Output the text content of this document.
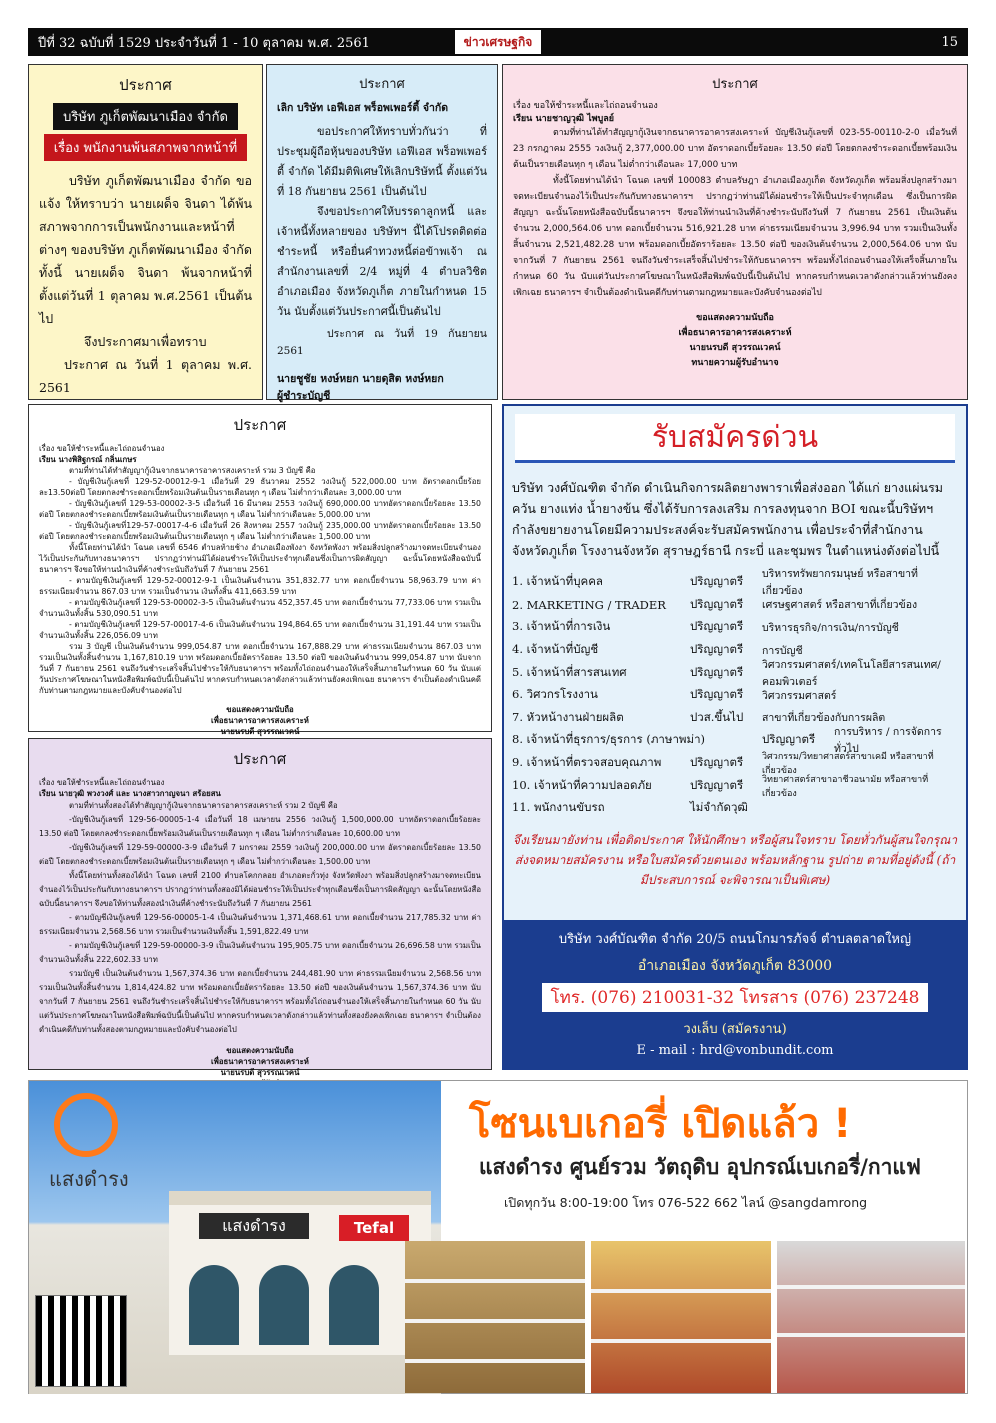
ปีที่ 32 ฉบับที่ 1529 ประจำวันที่ 1 - 10 ตุลาคม พ.ศ. 2561	15
ข่าวเศรษฐกิจ
ประกาศ
บริษัท ภูเก็ตพัฒนาเมือง จำกัด
เรื่อง พนักงานพ้นสภาพจากหน้าที่

บริษัท ภูเก็ตพัฒนาเมือง จำกัด ขอแจ้ง ให้ทราบว่า นายเผด็จ จินดา ได้พ้นสภาพจากการเป็นพนักงานและหน้าที่ต่างๆ ของบริษัท ภูเก็ตพัฒนาเมือง จำกัด ทั้งนี้ นายเผด็จ จินดา พ้นจากหน้าที่ตั้งแต่วันที่ 1 ตุลาคม พ.ศ.2561 เป็นต้นไป

จึงประกาศมาเพื่อทราบ

ประกาศ ณ วันที่ 1 ตุลาคม พ.ศ. 2561

ประกาศ
เลิก บริษัท เอฟีเอส พร็อพเพอร์ตี้ จำกัด

ขอประกาศให้ทราบทั่วกันว่า ที่ประชุมผู้ถือหุ้นของบริษัท เอฟีเอส พร็อพเพอร์ตี้ จำกัด ได้มีมติพิเศษให้เลิกบริษัทนี้ ตั้งแต่วันที่ 18 กันยายน 2561 เป็นต้นไป

จึงขอประกาศให้บรรดาลูกหนี้ และเจ้าหนี้ทั้งหลายของ บริษัทฯ นี้ได้โปรดติดต่อชำระหนี้ หรือยื่นคำทวงหนี้ต่อข้าพเจ้า ณ สำนักงานเลขที่ 2/4 หมู่ที่ 4 ตำบลวิชิต อำเภอเมือง จังหวัดภูเก็ต ภายในกำหนด 15 วัน นับตั้งแต่วันประกาศนี้เป็นต้นไป

ประกาศ ณ วันที่ 19 กันยายน 2561

นายชูชัย หงษ์หยก นายดุสิต หงษ์หยก

ผู้ชำระบัญชี

ประกาศ

เรื่อง ขอให้ชำระหนี้และไถ่ถอนจำนอง

เรียน นายชาญวุฒิ ไพบูลย์

ตามที่ท่านได้ทำสัญญากู้เงินจากธนาคารอาคารสงเคราะห์ บัญชีเงินกู้เลขที่ 023-55-00110-2-0 เมื่อวันที่ 23 กรกฎาคม 2555 วงเงินกู้ 2,377,000.00 บาท อัตราดอกเบี้ยร้อยละ 13.50 ต่อปี โดยตกลงชำระดอกเบี้ยพร้อมเงินต้นเป็นรายเดือนทุก ๆ เดือน ไม่ต่ำกว่าเดือนละ 17,000 บาท

ทั้งนี้โดยท่านได้นำ โฉนด เลขที่ 100083 ตำบลรัษฎา อำเภอเมืองภูเก็ต จังหวัดภูเก็ต พร้อมสิ่งปลูกสร้างมาจดทะเบียนจำนองไว้เป็นประกันกับทางธนาคารฯ ปรากฏว่าท่านมิได้ผ่อนชำระให้เป็นประจำทุกเดือน ซึ่งเป็นการผิดสัญญา ฉะนั้นโดยหนังสือฉบับนี้ธนาคารฯ จึงขอให้ท่านนำเงินที่ค้างชำระนับถึงวันที่ 7 กันยายน 2561 เป็นเงินต้นจำนวน 2,000,564.06 บาท ดอกเบี้ยจำนวน 516,921.28 บาท ค่าธรรมเนียมจำนวน 3,996.94 บาท รวมเป็นเงินทั้งสิ้นจำนวน 2,521,482.28 บาท พร้อมดอกเบี้ยอัตราร้อยละ 13.50 ต่อปี ของเงินต้นจำนวน 2,000,564.06 บาท นับจากวันที่ 7 กันยายน 2561 จนถึงวันชำระเสร็จสิ้นไปชำระให้กับธนาคารฯ พร้อมทั้งไถ่ถอนจำนองให้เสร็จสิ้นภายในกำหนด 60 วัน นับแต่วันประกาศโฆษณาในหนังสือพิมพ์ฉบับนี้เป็นต้นไป หากครบกำหนดเวลาดังกล่าวแล้วท่านยังคงเพิกเฉย ธนาคารฯ จำเป็นต้องดำเนินคดีกับท่านตามกฎหมายและบังคับจำนองต่อไป

ขอแสดงความนับถือ
เพื่อธนาคารอาคารสงเคราะห์
นายนรบดี สุวรรณเวคน์
ทนายความผู้รับอำนาจ
ประกาศ

เรื่อง ขอให้ชำระหนี้และไถ่ถอนจำนอง

เรียน นางพิสิฐกรณ์ กลิ่นเกษร

ตามที่ท่านได้ทำสัญญากู้เงินจากธนาคารอาคารสงเคราะห์ รวม 3 บัญชี คือ

- บัญชีเงินกู้เลขที่ 129-52-00012-9-1 เมื่อวันที่ 29 ธันวาคม 2552 วงเงินกู้ 522,000.00 บาท อัตราดอกเบี้ยร้อยละ13.50ต่อปี โดยตกลงชำระดอกเบี้ยพร้อมเงินต้นเป็นรายเดือนทุก ๆ เดือน ไม่ต่ำกว่าเดือนละ 3,000.00 บาท

- บัญชีเงินกู้เลขที่ 129-53-00002-3-5 เมื่อวันที่ 16 มีนาคม 2553 วงเงินกู้ 690,000.00 บาทอัตราดอกเบี้ยร้อยละ 13.50 ต่อปี โดยตกลงชำระดอกเบี้ยพร้อมเงินต้นเป็นรายเดือนทุก ๆ เดือน ไม่ต่ำกว่าเดือนละ 5,000.00 บาท

- บัญชีเงินกู้เลขที่129-57-00017-4-6 เมื่อวันที่ 26 สิงหาคม 2557 วงเงินกู้ 235,000.00 บาทอัตราดอกเบี้ยร้อยละ 13.50 ต่อปี โดยตกลงชำระดอกเบี้ยพร้อมเงินต้นเป็นรายเดือนทุก ๆ เดือน ไม่ต่ำกว่าเดือนละ 1,500.00 บาท

ทั้งนี้โดยท่านได้นำ โฉนด เลขที่ 6546 ตำบลท้ายช้าง อำเภอเมืองพังงา จังหวัดพังงา พร้อมสิ่งปลูกสร้างมาจดทะเบียนจำนองไว้เป็นประกันกับทางธนาคารฯ ปรากฏว่าท่านมิได้ผ่อนชำระให้เป็นประจำทุกเดือนซึ่งเป็นการผิดสัญญา ฉะนั้นโดยหนังสือฉบับนี้ธนาคารฯ จึงขอให้ท่านนำเงินที่ค้างชำระนับถึงวันที่ 7 กันยายน 2561

- ตามบัญชีเงินกู้เลขที่ 129-52-00012-9-1 เป็นเงินต้นจำนวน 351,832.77 บาท ดอกเบี้ยจำนวน 58,963.79 บาท ค่าธรรมเนียมจำนวน 867.03 บาท รวมเป็นจำนวน เงินทั้งสิ้น 411,663.59 บาท

- ตามบัญชีเงินกู้เลขที่ 129-53-00002-3-5 เป็นเงินต้นจำนวน 452,357.45 บาท ดอกเบี้ยจำนวน 77,733.06 บาท รวมเป็นจำนวนเงินทั้งสิ้น 530,090.51 บาท

- ตามบัญชีเงินกู้เลขที่ 129-57-00017-4-6 เป็นเงินต้นจำนวน 194,864.65 บาท ดอกเบี้ยจำนวน 31,191.44 บาท รวมเป็นจำนวนเงินทั้งสิ้น 226,056.09 บาท

รวม 3 บัญชี เป็นเงินต้นจำนวน 999,054.87 บาท ดอกเบี้ยจำนวน 167,888.29 บาท ค่าธรรมเนียมจำนวน 867.03 บาท รวมเป็นเงินทั้งสิ้นจำนวน 1,167,810.19 บาท พร้อมดอกเบี้ยอัตราร้อยละ 13.50 ต่อปี ของเงินต้นจำนวน 999,054.87 บาท นับจากวันที่ 7 กันยายน 2561 จนถึงวันชำระเสร็จสิ้นไปชำระให้กับธนาคารฯ พร้อมทั้งไถ่ถอนจำนองให้เสร็จสิ้นภายในกำหนด 60 วัน นับแต่วันประกาศโฆษณาในหนังสือพิมพ์ฉบับนี้เป็นต้นไป หากครบกำหนดเวลาดังกล่าวแล้วท่านยังคงเพิกเฉย ธนาคารฯ จำเป็นต้องดำเนินคดีกับท่านตามกฎหมายและบังคับจำนองต่อไป

ขอแสดงความนับถือ
เพื่อธนาคารอาคารสงเคราะห์
นายนรบดี สุวรรณเวคน์
ประกาศ

เรื่อง ขอให้ชำระหนี้และไถ่ถอนจำนอง

เรียน นายวุฒิ พวงวงศ์ และ นางสาวกาญจนา สร้อยสน

ตามที่ท่านทั้งสองได้ทำสัญญากู้เงินจากธนาคารอาคารสงเคราะห์ รวม 2 บัญชี คือ

-บัญชีเงินกู้เลขที่ 129-56-00005-1-4 เมื่อวันที่ 18 เมษายน 2556 วงเงินกู้ 1,500,000.00 บาทอัตราดอกเบี้ยร้อยละ 13.50 ต่อปี โดยตกลงชำระดอกเบี้ยพร้อมเงินต้นเป็นรายเดือนทุก ๆ เดือน ไม่ต่ำกว่าเดือนละ 10,600.00 บาท

-บัญชีเงินกู้เลขที่ 129-59-00000-3-9 เมื่อวันที่ 7 มกราคม 2559 วงเงินกู้ 200,000.00 บาท อัตราดอกเบี้ยร้อยละ 13.50 ต่อปี โดยตกลงชำระดอกเบี้ยพร้อมเงินต้นเป็นรายเดือนทุก ๆ เดือน ไม่ต่ำกว่าเดือนละ 1,500.00 บาท

ทั้งนี้โดยท่านทั้งสองได้นำ โฉนด เลขที่ 2100 ตำบลโคกกลอย อำเภอตะกั่วทุ่ง จังหวัดพังงา พร้อมสิ่งปลูกสร้างมาจดทะเบียนจำนองไว้เป็นประกันกับทางธนาคารฯ ปรากฏว่าท่านทั้งสองมิได้ผ่อนชำระให้เป็นประจำทุกเดือนซึ่งเป็นการผิดสัญญา ฉะนั้นโดยหนังสือฉบับนี้ธนาคารฯ จึงขอให้ท่านทั้งสองนำเงินที่ค้างชำระนับถึงวันที่ 7 กันยายน 2561

- ตามบัญชีเงินกู้เลขที่ 129-56-00005-1-4 เป็นเงินต้นจำนวน 1,371,468.61 บาท ดอกเบี้ยจำนวน 217,785.32 บาท ค่าธรรมเนียมจำนวน 2,568.56 บาท รวมเป็นจำนวนเงินทั้งสิ้น 1,591,822.49 บาท

- ตามบัญชีเงินกู้เลขที่ 129-59-00000-3-9 เป็นเงินต้นจำนวน 195,905.75 บาท ดอกเบี้ยจำนวน 26,696.58 บาท รวมเป็นจำนวนเงินทั้งสิ้น 222,602.33 บาท

รวมบัญชี เป็นเงินต้นจำนวน 1,567,374.36 บาท ดอกเบี้ยจำนวน 244,481.90 บาท ค่าธรรมเนียมจำนวน 2,568.56 บาท รวมเป็นเงินทั้งสิ้นจำนวน 1,814,424.82 บาท พร้อมดอกเบี้ยอัตราร้อยละ 13.50 ต่อปี ของเงินต้นจำนวน 1,567,374.36 บาท นับจากวันที่ 7 กันยายน 2561 จนถึงวันชำระเสร็จสิ้นไปชำระให้กับธนาคารฯ พร้อมทั้งไถ่ถอนจำนองให้เสร็จสิ้นภายในกำหนด 60 วัน นับแต่วันประกาศโฆษณาในหนังสือพิมพ์ฉบับนี้เป็นต้นไป หากครบกำหนดเวลาดังกล่าวแล้วท่านทั้งสองยังคงเพิกเฉย ธนาคารฯ จำเป็นต้องดำเนินคดีกับท่านทั้งสองตามกฎหมายและบังคับจำนองต่อไป

ขอแสดงความนับถือ
เพื่อธนาคารอาคารสงเคราะห์
นายนรบดี สุวรรณเวคน์
รับสมัครด่วน
บริษัท วงศ์บัณฑิต จำกัด ดำเนินกิจการผลิตยางพาราเพื่อส่งออก ได้แก่ ยางแผ่นรมควัน ยางแท่ง น้ำยางข้น ซึ่งได้รับการลงเสริม การลงทุนจาก BOI ขณะนี้บริษัทฯกำลังขยายงานโดยมีความประสงค์จะรับสมัครพนักงาน เพื่อประจำที่สำนักงานจังหวัดภูเก็ต โรงงานจังหวัด สุราษฎร์ธานี กระบี่ และชุมพร ในตำแหน่งดังต่อไปนี้
1. เจ้าหน้าที่บุคคล	ปริญญาตรี	บริหารทรัพยากรมนุษย์ หรือสาขาที่เกี่ยวข้อง
2. MARKETING / TRADER	ปริญญาตรี	เศรษฐศาสตร์ หรือสาขาที่เกี่ยวข้อง
3. เจ้าหน้าที่การเงิน	ปริญญาตรี	บริหารธุรกิจ/การเงิน/การบัญชี
4. เจ้าหน้าที่บัญชี	ปริญญาตรี	การบัญชี
5. เจ้าหน้าที่สารสนเทศ	ปริญญาตรี	วิศวกรรมศาสตร์/เทคโนโลยีสารสนเทศ/คอมพิวเตอร์
6. วิศวกรโรงงาน	ปริญญาตรี	วิศวกรรมศาสตร์
7. หัวหน้างานฝ่ายผลิต	ปวส.ขึ้นไป	สาขาที่เกี่ยวข้องกับการผลิต
8. เจ้าหน้าที่ธุรการ/ธุรการ (ภาษาพม่า)	ปริญญาตรี	การบริหาร / การจัดการทั่วไป
9. เจ้าหน้าที่ตรวจสอบคุณภาพ	ปริญญาตรี	วิศวกรรม/วิทยาศาสตร์สาขาเคมี หรือสาขาที่เกี่ยวข้อง
10. เจ้าหน้าที่ความปลอดภัย	ปริญญาตรี	วิทยาศาสตร์สาขาอาชีวอนามัย หรือสาขาที่เกี่ยวข้อง
11. พนักงานขับรถ	ไม่จำกัดวุฒิ
จึงเรียนมายังท่าน เพื่อติดประกาศ ให้นักศึกษา หรือผู้สนใจทราบ โดยทั่วกันผู้สนใจกรุณาส่งจดหมายสมัครงาน หรือใบสมัครด้วยตนเอง พร้อมหลักฐาน รูปถ่าย ตามที่อยู่ดังนี้ (ถ้ามีประสบการณ์ จะพิจารณาเป็นพิเศษ)
บริษัท วงศ์บัณฑิต จำกัด 20/5 ถนนโกมารภัจจ์ ตำบลตลาดใหญ่
อำเภอเมือง จังหวัดภูเก็ต 83000
โทร. (076) 210031-32 โทรสาร (076) 237248
วงเล็บ (สมัครงาน)
E - mail : hrd@vonbundit.com
แสงดำรง
แสงดำรง	Tefal
โซนเบเกอรี่ เปิดแล้ว !
แสงดำรง ศูนย์รวม วัตถุดิบ อุปกรณ์เบเกอรี่/กาแฟ
เปิดทุกวัน 8:00-19:00 โทร 076-522 662 ไลน์ @sangdamrong
